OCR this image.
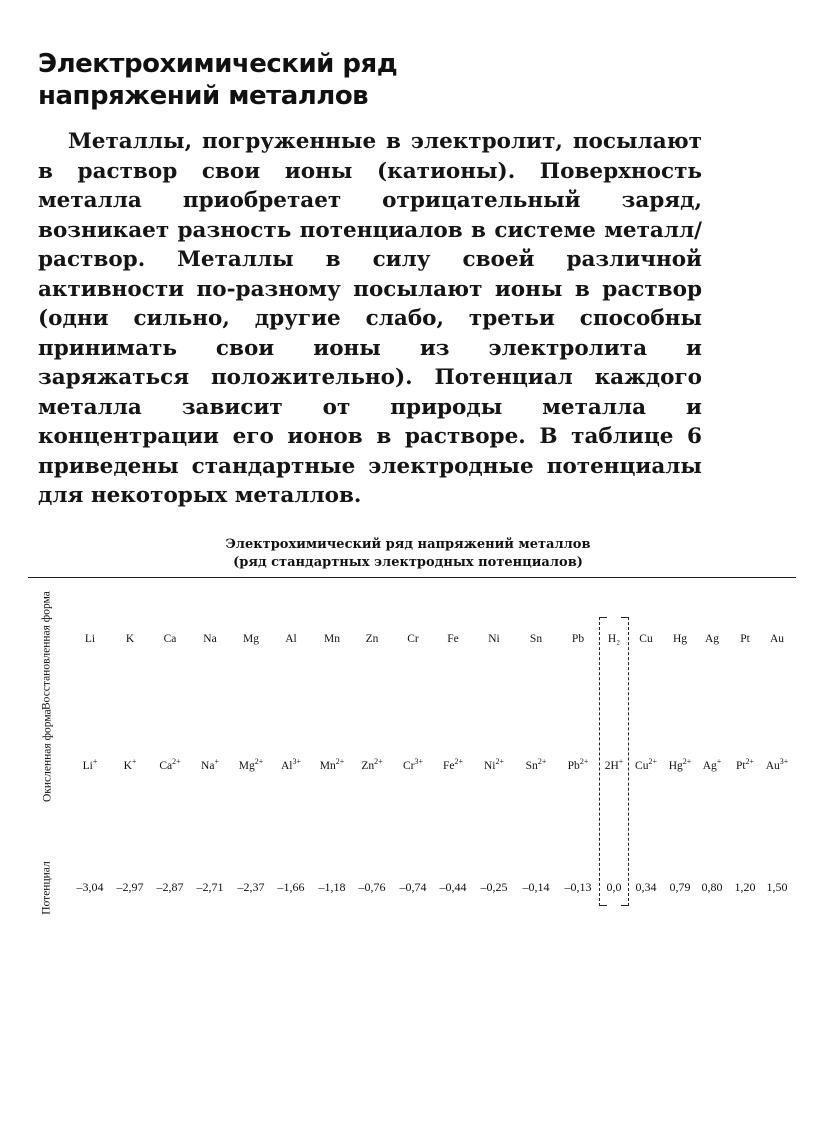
Электрохимический ряд
напряжений металлов

Металлы, погруженные в электролит, посылают в раствор свои ионы (катионы). Поверхность металла приобретает отрицательный заряд, возникает разность потенциалов в системе металл/раствор. Металлы в силу своей различной активности по-разному посылают ионы в раствор (одни сильно, другие слабо, третьи способны принимать свои ионы из электролита и заряжаться положительно). Потенциал каждого металла зависит от природы металла и концентрации его ионов в растворе. В таблице 6 приведены стандартные электродные потенциалы для некоторых металлов.

Электрохимический ряд напряжений металлов
(ряд стандартных электродных потенциалов)
Восстановленная форма
Окисленная форма
Потенциал
Li	K	Ca Na Mg Al Mn Zn	Cr Fe	Ni	Sn	Pb H₂ Cu Hg Ag Pt Au
Li+ K+ $Ca^{2+}$ Na+ $Mg^{2+}$ $Al^{3+}$ $Mn^{2+}$ $Zn^{2+}$ $Cr^{3+}$ $Fe^{2+}$ $Ni^{2+}$ $Sn^{2+}$ $Pb^{2+}$ 2H+ $Cu^{2+}$ $Hg^{2+}$ Ag+ $Pt^{2+}$ $Au^{3+}$
–3,04 –2,97 –2,87 –2,71 –2,37 –1,66 –1,18 –0,76 –0,74 –0,44 –0,25 –0,14 –0,13 0,0 0,34 0,79 0,80 1,20 1,50
